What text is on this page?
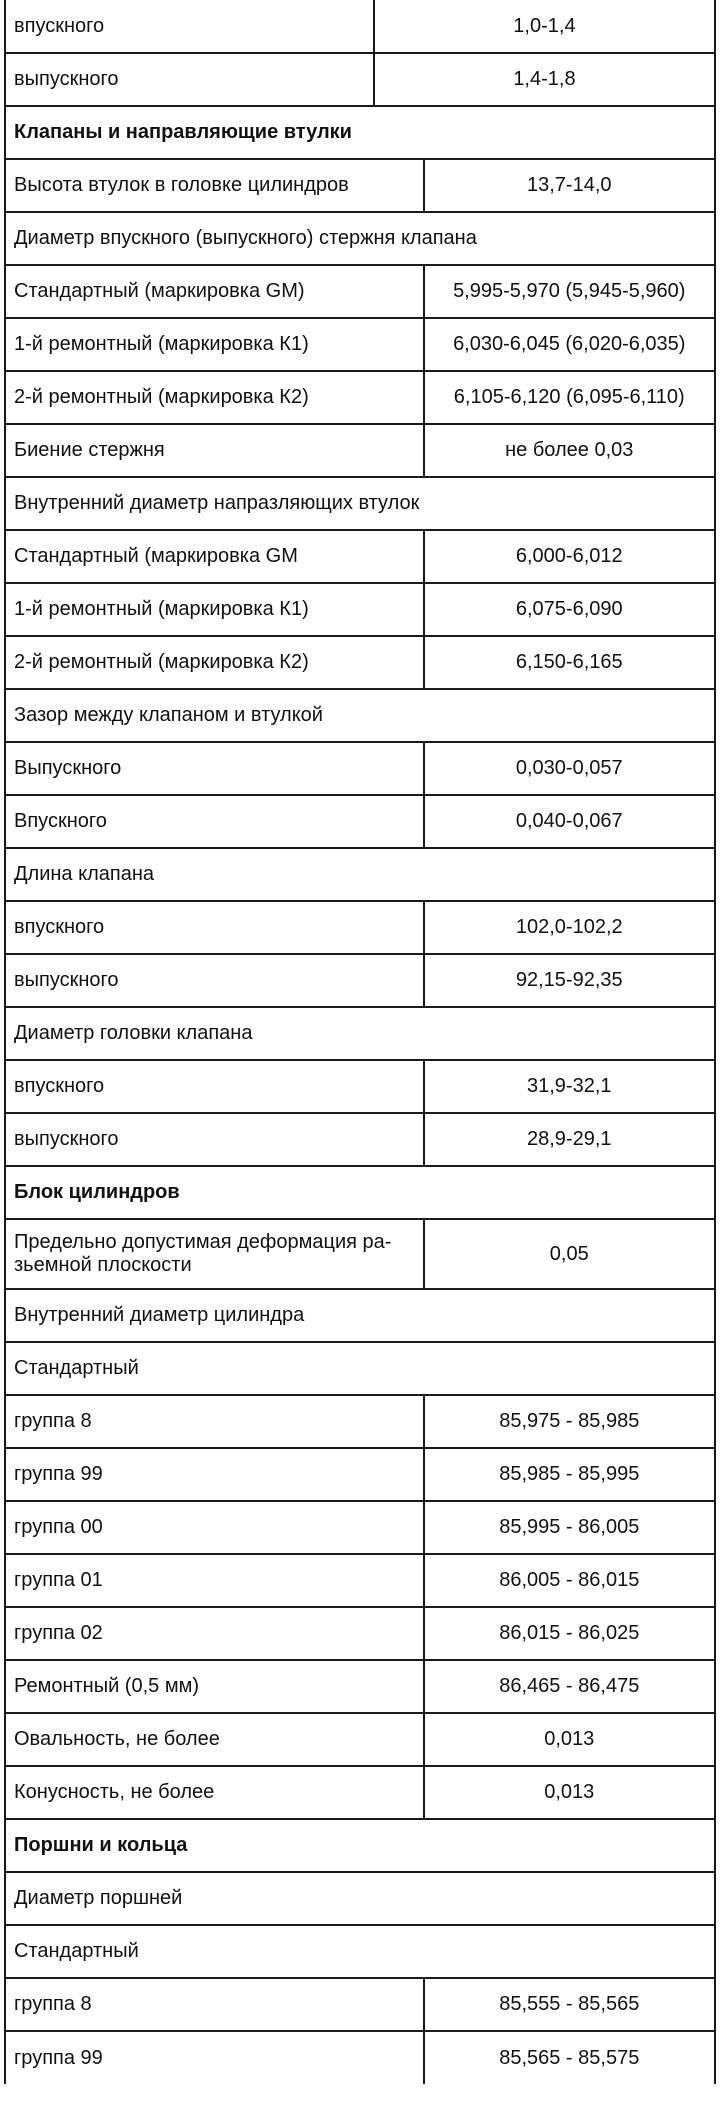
впускного	1,0-1,4	
выпускного	1,4-1,8	
Клапаны и направляющие втулки		
Высота втулок в головке цилиндров		13,7-14,0
Диаметр впускного (выпускного) стержня клапана		
Стандартный (маркировка GM)		5,995-5,970 (5,945-5,960)
1-й ремонтный (маркировка К1)		6,030-6,045 (6,020-6,035)
2-й ремонтный (маркировка К2)		6,105-6,120 (6,095-6,110)
Биение стержня		не более 0,03
Внутренний диаметр напразляющих втулок		
Стандартный (маркировка GM		6,000-6,012
1-й ремонтный (маркировка К1)		6,075-6,090
2-й ремонтный (маркировка К2)		6,150-6,165
Зазор между клапаном и втулкой		
Выпускного		0,030-0,057
Впускного		0,040-0,067
Длина клапана		
впускного		102,0-102,2
выпускного		92,15-92,35
Диаметр головки клапана		
впускного		31,9-32,1
выпускного		28,9-29,1
Блок цилиндров		
Предельно допустимая деформация ра-зьемной плоскости		0,05
Внутренний диаметр цилиндра		
Стандартный		
группа 8		85,975 - 85,985
группа 99		85,985 - 85,995
группа 00		85,995 - 86,005
группа 01		86,005 - 86,015
группа 02		86,015 - 86,025
Ремонтный (0,5 мм)		86,465 - 86,475
Овальность, не более		0,013
Конусность, не более		0,013
Поршни и кольца		
Диаметр поршней		
Стандартный		
группа 8		85,555 - 85,565
группа 99		85,565 - 85,575
